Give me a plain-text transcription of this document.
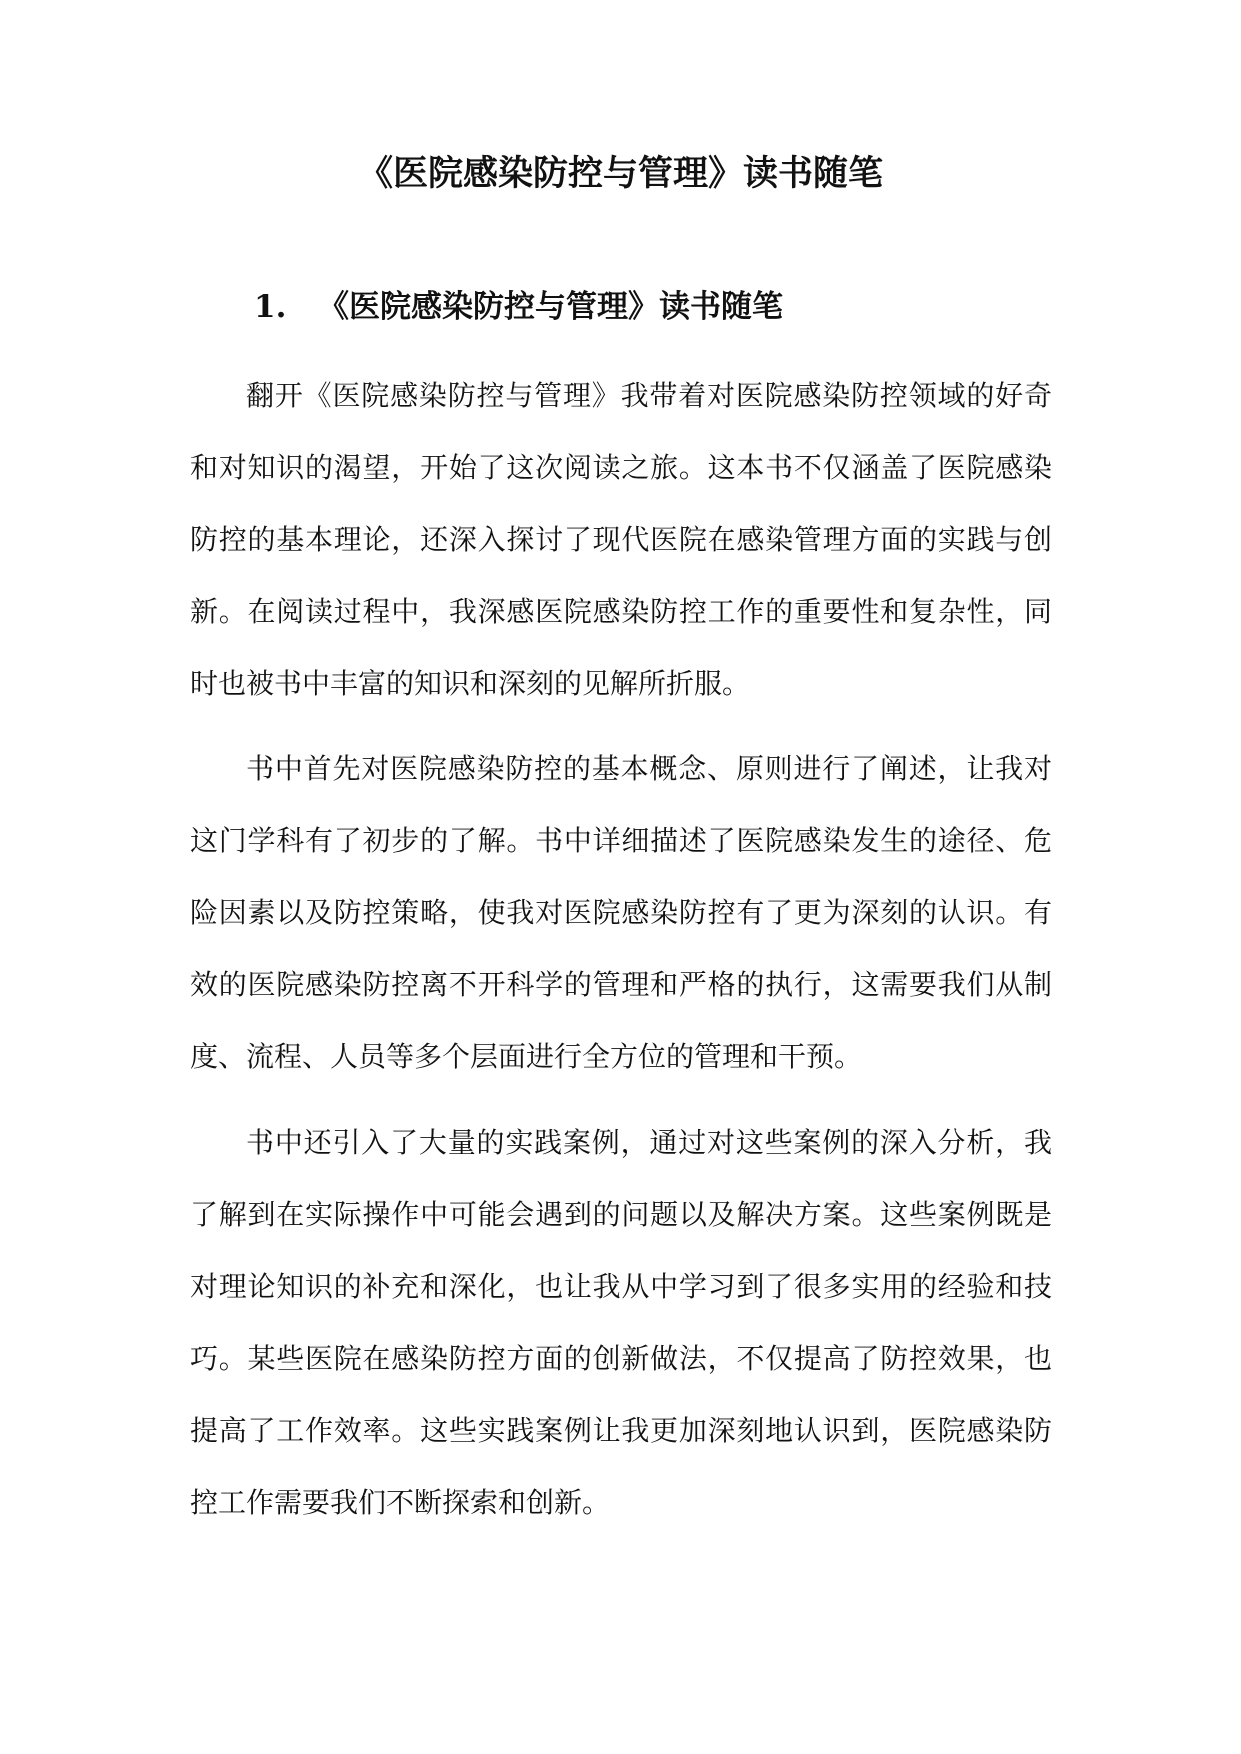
《医院感染防控与管理》读书随笔
1. 《医院感染防控与管理》读书随笔

翻开《医院感染防控与管理》我带着对医院感染防控领域的好奇和对知识的渴望，开始了这次阅读之旅。这本书不仅涵盖了医院感染防控的基本理论，还深入探讨了现代医院在感染管理方面的实践与创新。在阅读过程中，我深感医院感染防控工作的重要性和复杂性，同时也被书中丰富的知识和深刻的见解所折服。

书中首先对医院感染防控的基本概念、原则进行了阐述，让我对这门学科有了初步的了解。书中详细描述了医院感染发生的途径、危险因素以及防控策略，使我对医院感染防控有了更为深刻的认识。有效的医院感染防控离不开科学的管理和严格的执行，这需要我们从制度、流程、人员等多个层面进行全方位的管理和干预。

书中还引入了大量的实践案例，通过对这些案例的深入分析，我了解到在实际操作中可能会遇到的问题以及解决方案。这些案例既是对理论知识的补充和深化，也让我从中学习到了很多实用的经验和技巧。某些医院在感染防控方面的创新做法，不仅提高了防控效果，也提高了工作效率。这些实践案例让我更加深刻地认识到，医院感染防控工作需要我们不断探索和创新。
